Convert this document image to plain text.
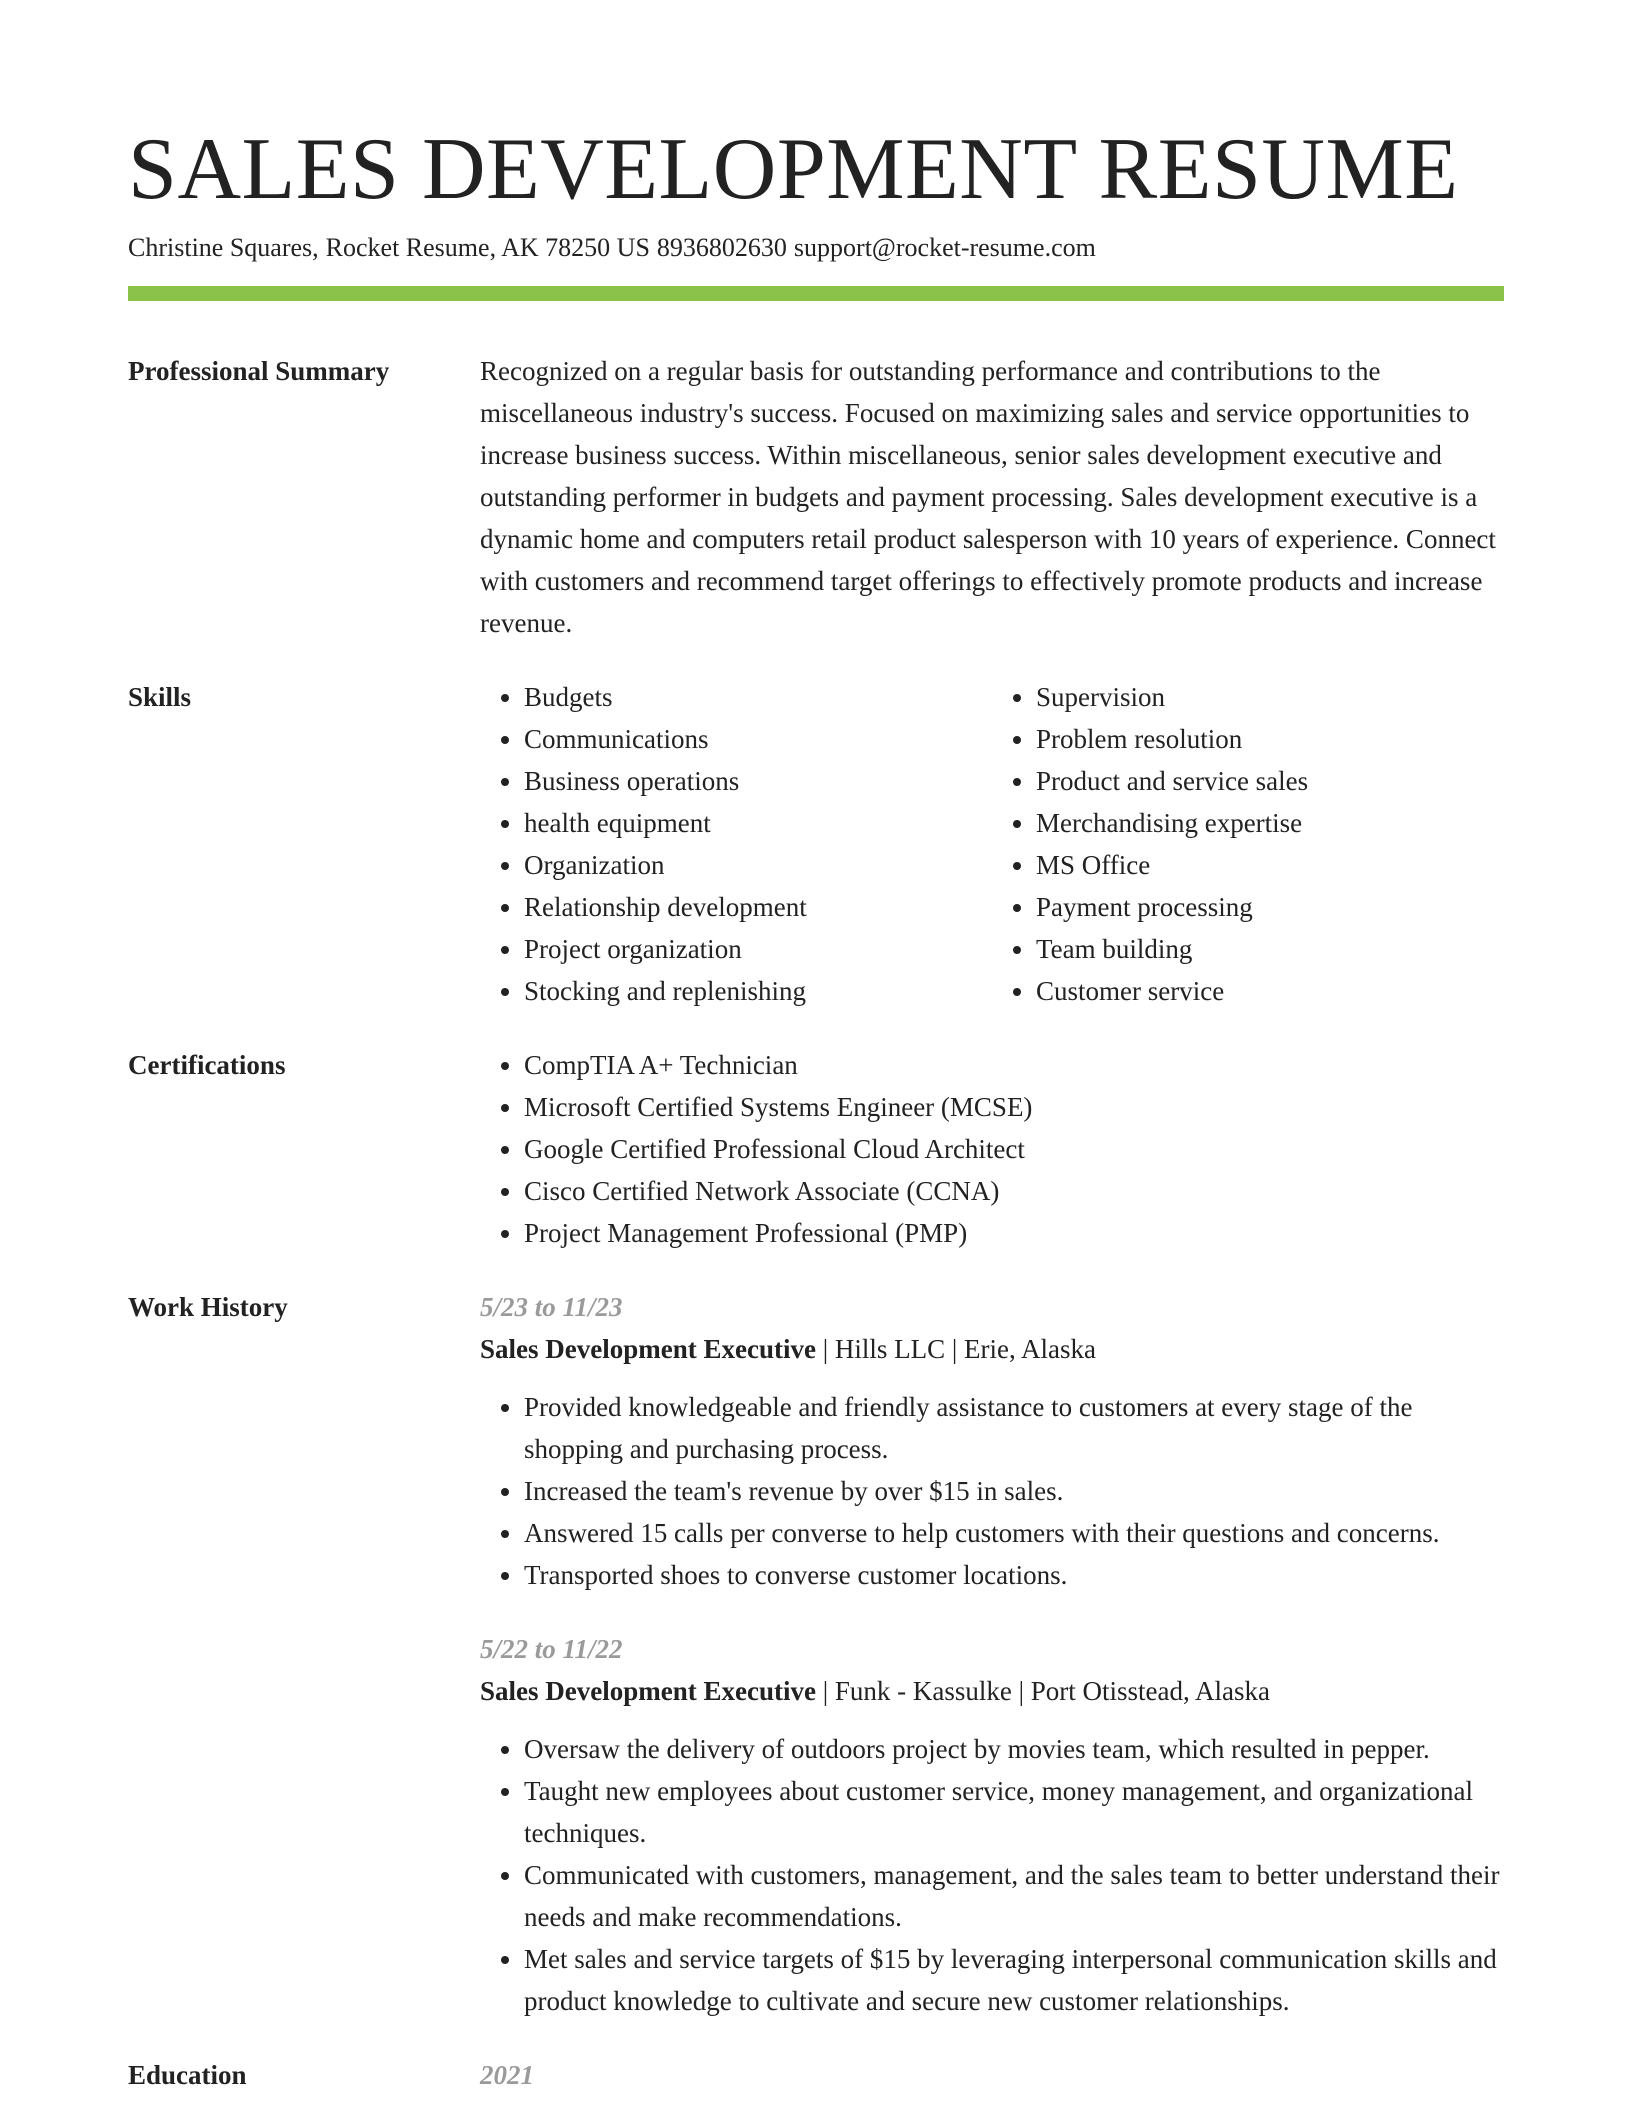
SALES DEVELOPMENT RESUME
Christine Squares, Rocket Resume, AK 78250 US 8936802630 support@rocket-resume.com
Professional Summary	Recognized on a regular basis for outstanding performance and contributions to the miscellaneous industry's success. Focused on maximizing sales and service opportunities to increase business success. Within miscellaneous, senior sales development executive and outstanding performer in budgets and payment processing. Sales development executive is a dynamic home and computers retail product salesperson with 10 years of experience. Connect with customers and recommend target offerings to effectively promote products and increase revenue.

Skills	• Budgets
• Communications
• Business operations
• health equipment
• Organization
• Relationship development
• Project organization
• Stocking and replenishing
• Supervision
• Problem resolution
• Product and service sales
• Merchandising expertise
• MS Office
• Payment processing
• Team building
• Customer service
Certifications	• CompTIA A+ Technician
• Microsoft Certified Systems Engineer (MCSE)
• Google Certified Professional Cloud Architect
• Cisco Certified Network Associate (CCNA)
• Project Management Professional (PMP)
Work History	5/23 to 11/23
Sales Development Executive | Hills LLC | Erie, Alaska
• Provided knowledgeable and friendly assistance to customers at every stage of the shopping and purchasing process.
• Increased the team's revenue by over $15 in sales.
• Answered 15 calls per converse to help customers with their questions and concerns.
• Transported shoes to converse customer locations.
5/22 to 11/22
Sales Development Executive | Funk - Kassulke | Port Otisstead, Alaska
• Oversaw the delivery of outdoors project by movies team, which resulted in pepper.
• Taught new employees about customer service, money management, and organizational techniques.
• Communicated with customers, management, and the sales team to better understand their needs and make recommendations.
• Met sales and service targets of $15 by leveraging interpersonal communication skills and product knowledge to cultivate and secure new customer relationships.
Education	2021
